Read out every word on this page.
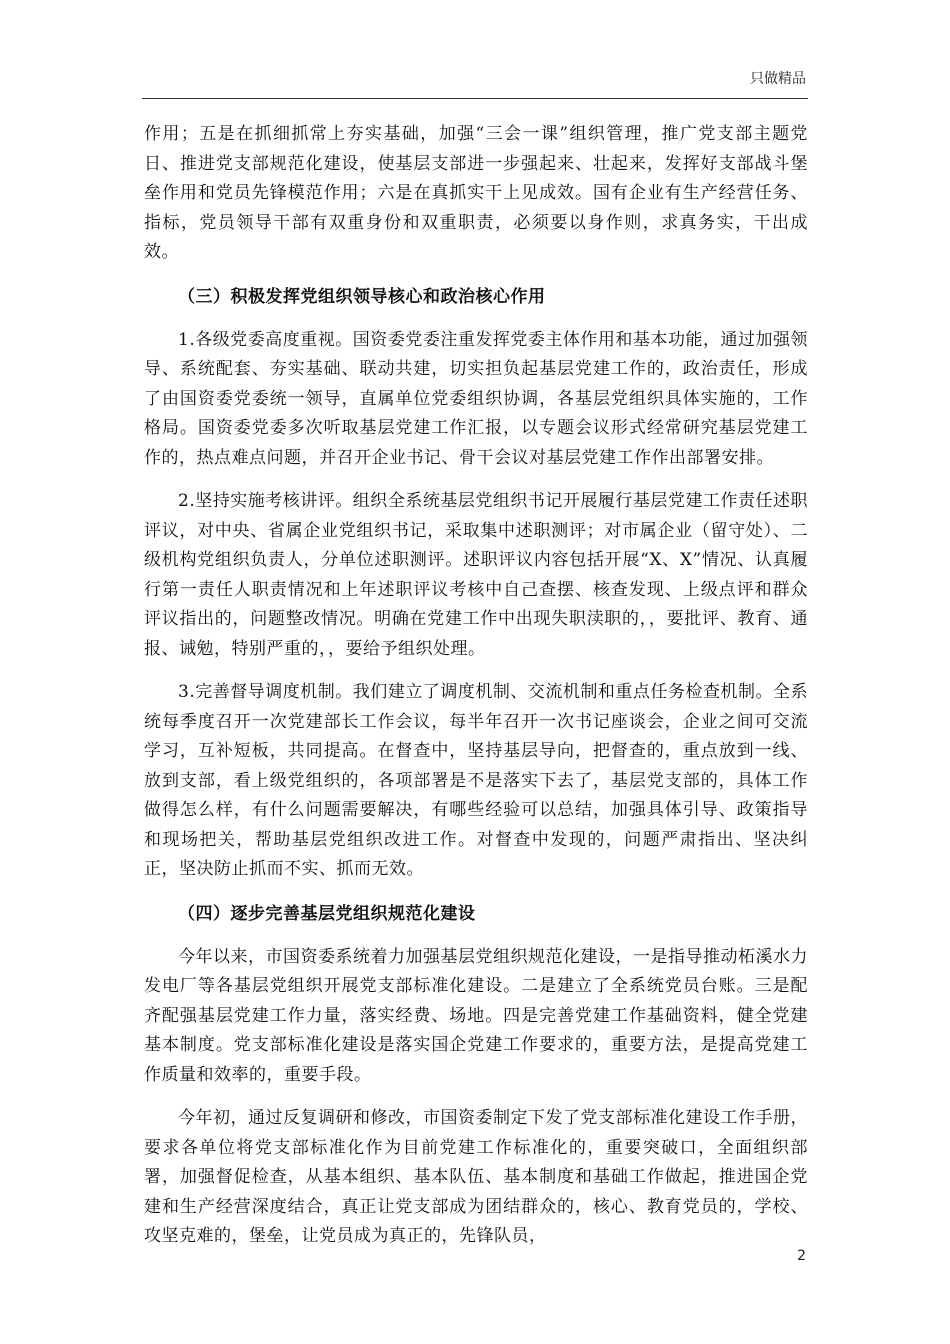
只做精品

作用；五是在抓细抓常上夯实基础，加强“三会一课”组织管理，推广党支部主题党日、推进党支部规范化建设，使基层支部进一步强起来、壮起来，发挥好支部战斗堡垒作用和党员先锋模范作用；六是在真抓实干上见成效。国有企业有生产经营任务、指标，党员领导干部有双重身份和双重职责，必须要以身作则，求真务实，干出成效。

（三）积极发挥党组织领导核心和政治核心作用

1.各级党委高度重视。国资委党委注重发挥党委主体作用和基本功能，通过加强领导、系统配套、夯实基础、联动共建，切实担负起基层党建工作的，政治责任，形成了由国资委党委统一领导，直属单位党委组织协调，各基层党组织具体实施的，工作格局。国资委党委多次听取基层党建工作汇报，以专题会议形式经常研究基层党建工作的，热点难点问题，并召开企业书记、骨干会议对基层党建工作作出部署安排。

2.坚持实施考核讲评。组织全系统基层党组织书记开展履行基层党建工作责任述职评议，对中央、省属企业党组织书记，采取集中述职测评；对市属企业（留守处）、二级机构党组织负责人，分单位述职测评。述职评议内容包括开展“X、X”情况、认真履行第一责任人职责情况和上年述职评议考核中自己查摆、核查发现、上级点评和群众评议指出的，问题整改情况。明确在党建工作中出现失职渎职的，，要批评、教育、通报、诫勉，特别严重的，，要给予组织处理。

3.完善督导调度机制。我们建立了调度机制、交流机制和重点任务检查机制。全系统每季度召开一次党建部长工作会议，每半年召开一次书记座谈会，企业之间可交流学习，互补短板，共同提高。在督查中，坚持基层导向，把督查的，重点放到一线、放到支部，看上级党组织的，各项部署是不是落实下去了，基层党支部的，具体工作做得怎么样，有什么问题需要解决，有哪些经验可以总结，加强具体引导、政策指导和现场把关，帮助基层党组织改进工作。对督查中发现的，问题严肃指出、坚决纠正，坚决防止抓而不实、抓而无效。

（四）逐步完善基层党组织规范化建设

今年以来，市国资委系统着力加强基层党组织规范化建设，一是指导推动柘溪水力发电厂等各基层党组织开展党支部标准化建设。二是建立了全系统党员台账。三是配齐配强基层党建工作力量，落实经费、场地。四是完善党建工作基础资料，健全党建基本制度。党支部标准化建设是落实国企党建工作要求的，重要方法，是提高党建工作质量和效率的，重要手段。

今年初，通过反复调研和修改，市国资委制定下发了党支部标准化建设工作手册，要求各单位将党支部标准化作为目前党建工作标准化的，重要突破口，全面组织部署，加强督促检查，从基本组织、基本队伍、基本制度和基础工作做起，推进国企党建和生产经营深度结合，真正让党支部成为团结群众的，核心、教育党员的，学校、攻坚克难的，堡垒，让党员成为真正的，先锋队员，

2
